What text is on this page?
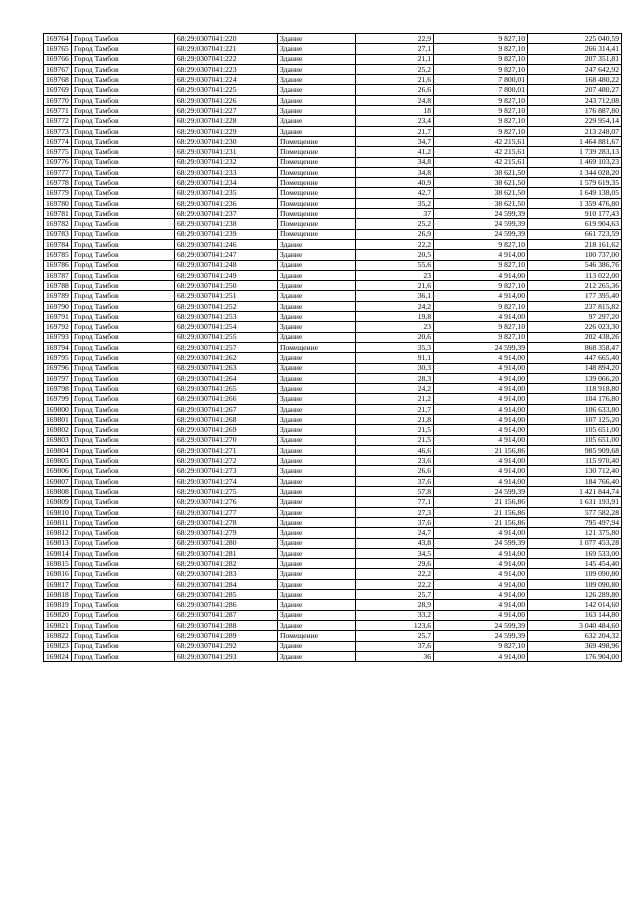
169764	Город Тамбов	68:29:0307041:220	Здание	22,9	9 827,10	225 040,59
169765	Город Тамбов	68:29:0307041:221	Здание	27,1	9 827,10	266 314,41
169766	Город Тамбов	68:29:0307041:222	Здание	21,1	9 827,10	207 351,81
169767	Город Тамбов	68:29:0307041:223	Здание	25,2	9 827,10	247 642,92
169768	Город Тамбов	68:29:0307041:224	Здание	21,6	7 800,01	168 480,22
169769	Город Тамбов	68:29:0307041:225	Здание	26,6	7 800,01	207 480,27
169770	Город Тамбов	68:29:0307041:226	Здание	24,8	9 827,10	243 712,08
169771	Город Тамбов	68:29:0307041:227	Здание	18	9 827,10	176 887,80
169772	Город Тамбов	68:29:0307041:228	Здание	23,4	9 827,10	229 954,14
169773	Город Тамбов	68:29:0307041:229	Здание	21,7	9 827,10	213 248,07
169774	Город Тамбов	68:29:0307041:230	Помещение	34,7	42 215,61	1 464 881,67
169775	Город Тамбов	68:29:0307041:231	Помещение	41,2	42 215,61	1 739 283,13
169776	Город Тамбов	68:29:0307041:232	Помещение	34,8	42 215,61	1 469 103,23
169777	Город Тамбов	68:29:0307041:233	Помещение	34,8	38 621,50	1 344 028,20
169778	Город Тамбов	68:29:0307041:234	Помещение	40,9	38 621,50	1 579 619,35
169779	Город Тамбов	68:29:0307041:235	Помещение	42,7	38 621,50	1 649 138,05
169780	Город Тамбов	68:29:0307041:236	Помещение	35,2	38 621,50	1 359 476,80
169781	Город Тамбов	68:29:0307041:237	Помещение	37	24 599,39	910 177,43
169782	Город Тамбов	68:29:0307041:238	Помещение	25,2	24 599,39	619 904,63
169783	Город Тамбов	68:29:0307041:239	Помещение	26,9	24 599,39	661 723,59
169784	Город Тамбов	68:29:0307041:246	Здание	22,2	9 827,10	218 161,62
169785	Город Тамбов	68:29:0307041:247	Здание	20,5	4 914,00	100 737,00
169786	Город Тамбов	68:29:0307041:248	Здание	55,6	9 827,10	546 386,76
169787	Город Тамбов	68:29:0307041:249	Здание	23	4 914,00	113 022,00
169788	Город Тамбов	68:29:0307041:250	Здание	21,6	9 827,10	212 265,36
169789	Город Тамбов	68:29:0307041:251	Здание	36,1	4 914,00	177 395,40
169790	Город Тамбов	68:29:0307041:252	Здание	24,2	9 827,10	237 815,82
169791	Город Тамбов	68:29:0307041:253	Здание	19,8	4 914,00	97 297,20
169792	Город Тамбов	68:29:0307041:254	Здание	23	9 827,10	226 023,30
169793	Город Тамбов	68:29:0307041:255	Здание	20,6	9 827,10	202 438,26
169794	Город Тамбов	68:29:0307041:257	Помещение	35,3	24 599,39	868 358,47
169795	Город Тамбов	68:29:0307041:262	Здание	91,1	4 914,00	447 665,40
169796	Город Тамбов	68:29:0307041:263	Здание	30,3	4 914,00	148 894,20
169797	Город Тамбов	68:29:0307041:264	Здание	28,3	4 914,00	139 066,20
169798	Город Тамбов	68:29:0307041:265	Здание	24,2	4 914,00	118 918,80
169799	Город Тамбов	68:29:0307041:266	Здание	21,2	4 914,00	104 176,80
169800	Город Тамбов	68:29:0307041:267	Здание	21,7	4 914,00	106 633,80
169801	Город Тамбов	68:29:0307041:268	Здание	21,8	4 914,00	107 125,20
169802	Город Тамбов	68:29:0307041:269	Здание	21,5	4 914,00	105 651,00
169803	Город Тамбов	68:29:0307041:270	Здание	21,5	4 914,00	105 651,00
169804	Город Тамбов	68:29:0307041:271	Здание	46,6	21 156,86	985 909,68
169805	Город Тамбов	68:29:0307041:272	Здание	23,6	4 914,00	115 970,40
169806	Город Тамбов	68:29:0307041:273	Здание	26,6	4 914,00	130 712,40
169807	Город Тамбов	68:29:0307041:274	Здание	37,6	4 914,00	184 766,40
169808	Город Тамбов	68:29:0307041:275	Здание	57,8	24 599,39	1 421 844,74
169809	Город Тамбов	68:29:0307041:276	Здание	77,1	21 156,86	1 631 193,91
169810	Город Тамбов	68:29:0307041:277	Здание	27,3	21 156,86	577 582,28
169811	Город Тамбов	68:29:0307041:278	Здание	37,6	21 156,86	795 497,94
169812	Город Тамбов	68:29:0307041:279	Здание	24,7	4 914,00	121 375,80
169813	Город Тамбов	68:29:0307041:280	Здание	43,8	24 599,39	1 077 453,28
169814	Город Тамбов	68:29:0307041:281	Здание	34,5	4 914,00	169 533,00
169815	Город Тамбов	68:29:0307041:282	Здание	29,6	4 914,00	145 454,40
169816	Город Тамбов	68:29:0307041:283	Здание	22,2	4 914,00	109 090,80
169817	Город Тамбов	68:29:0307041:284	Здание	22,2	4 914,00	109 090,80
169818	Город Тамбов	68:29:0307041:285	Здание	25,7	4 914,00	126 289,80
169819	Город Тамбов	68:29:0307041:286	Здание	28,9	4 914,00	142 014,60
169820	Город Тамбов	68:29:0307041:287	Здание	33,2	4 914,00	163 144,80
169821	Город Тамбов	68:29:0307041:288	Здание	123,6	24 599,39	3 040 484,60
169822	Город Тамбов	68:29:0307041:289	Помещение	25,7	24 599,39	632 204,32
169823	Город Тамбов	68:29:0307041:292	Здание	37,6	9 827,10	369 498,96
169824	Город Тамбов	68:29:0307041:293	Здание	36	4 914,00	176 904,00
